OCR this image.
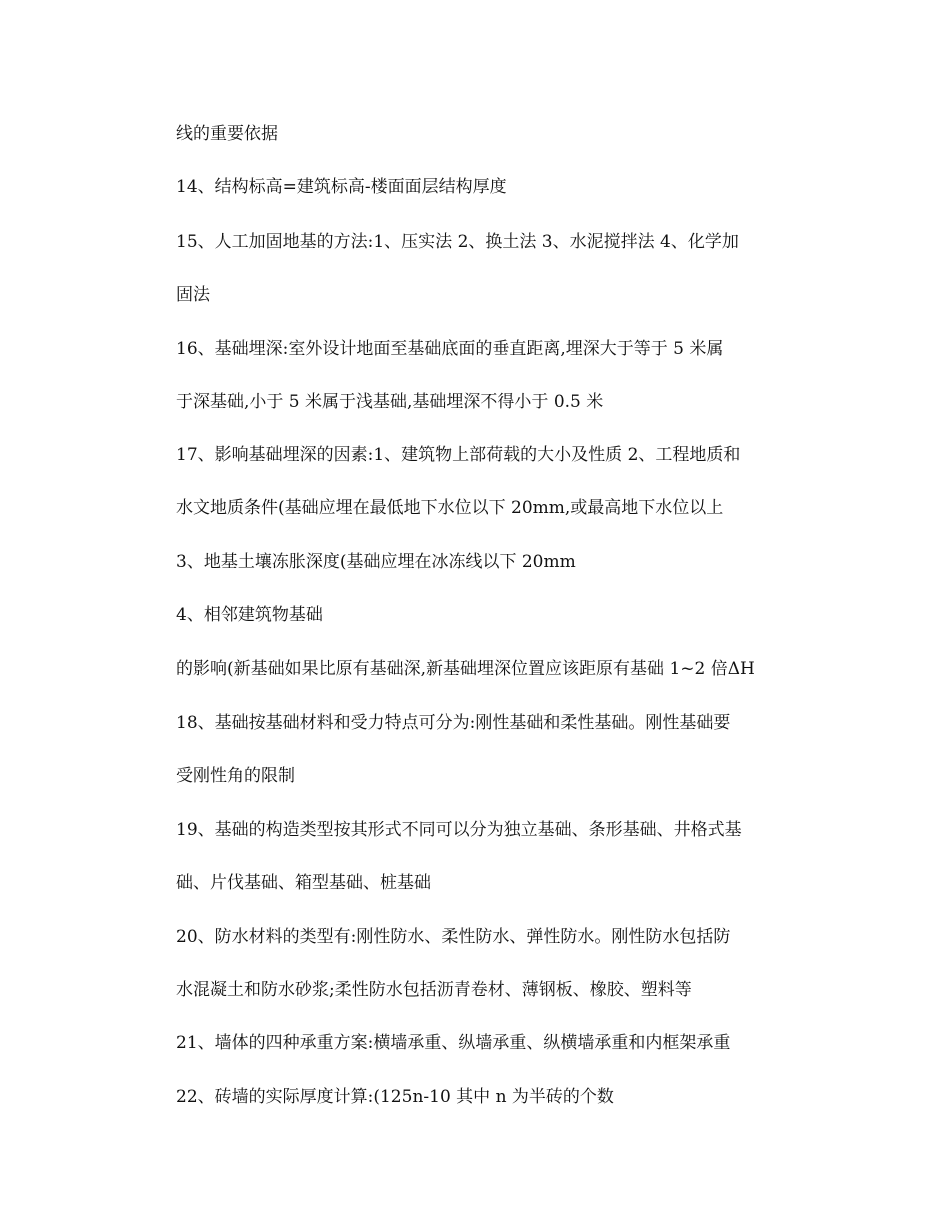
线的重要依据
14、结构标高=建筑标高-楼面面层结构厚度
15、人工加固地基的方法:1、压实法 2、换土法 3、水泥搅拌法 4、化学加
固法
16、基础埋深:室外设计地面至基础底面的垂直距离,埋深大于等于 5 米属
于深基础,小于 5 米属于浅基础,基础埋深不得小于 0.5 米
17、影响基础埋深的因素:1、建筑物上部荷载的大小及性质 2、工程地质和
水文地质条件(基础应埋在最低地下水位以下 20mm,或最高地下水位以上
3、地基土壤冻胀深度(基础应埋在冰冻线以下 20mm
4、相邻建筑物基础
的影响(新基础如果比原有基础深,新基础埋深位置应该距原有基础 1~2 倍ΔH
18、基础按基础材料和受力特点可分为:刚性基础和柔性基础。刚性基础要
受刚性角的限制
19、基础的构造类型按其形式不同可以分为独立基础、条形基础、井格式基
础、片伐基础、箱型基础、桩基础
20、防水材料的类型有:刚性防水、柔性防水、弹性防水。刚性防水包括防
水混凝土和防水砂浆;柔性防水包括沥青卷材、薄钢板、橡胶、塑料等
21、墙体的四种承重方案:横墙承重、纵墙承重、纵横墙承重和内框架承重
22、砖墙的实际厚度计算:(125n-10 其中 n 为半砖的个数
